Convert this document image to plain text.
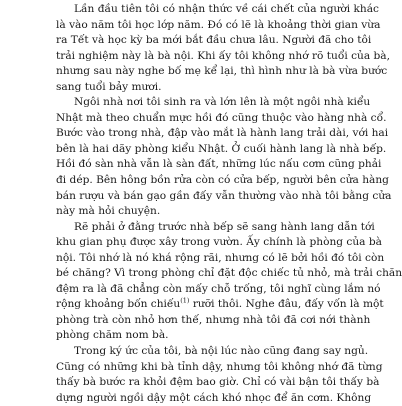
Lần đầu tiên tôi có nhận thức về cái chết của người khác
là vào năm tôi học lớp năm. Đó có lẽ là khoảng thời gian vừa
ra Tết và học kỳ ba mới bắt đầu chưa lâu. Người đã cho tôi
trải nghiệm này là bà nội. Khi ấy tôi không nhớ rõ tuổi của bà,
nhưng sau này nghe bố mẹ kể lại, thì hình như là bà vừa bước
sang tuổi bảy mươi.

Ngôi nhà nơi tôi sinh ra và lớn lên là một ngôi nhà kiểu
Nhật mà theo chuẩn mực hồi đó cũng thuộc vào hàng nhà cổ.
Bước vào trong nhà, đập vào mắt là hành lang trải dài, với hai
bên là hai dãy phòng kiểu Nhật. Ở cuối hành lang là nhà bếp.
Hồi đó sàn nhà vẫn là sàn đất, những lúc nấu cơm cũng phải
đi dép. Bên hông bồn rửa còn có cửa bếp, người bên cửa hàng
bán rượu và bán gạo gần đấy vẫn thường vào nhà tôi bằng cửa
này mà hỏi chuyện.

Rẽ phải ở đằng trước nhà bếp sẽ sang hành lang dẫn tới
khu gian phụ được xây trong vườn. Ấy chính là phòng của bà
nội. Tôi nhớ là nó khá rộng rãi, nhưng có lẽ bởi hồi đó tôi còn
bé chăng? Vì trong phòng chỉ đặt độc chiếc tủ nhỏ, mà trải chăn
đệm ra là đã chẳng còn mấy chỗ trống, tôi nghĩ cùng lắm nó
rộng khoảng bốn chiếu$^{(1)}$ rưỡi thôi. Nghe đâu, đấy vốn là một
phòng trà còn nhỏ hơn thế, nhưng nhà tôi đã cơi nới thành
phòng chăm nom bà.

Trong ký ức của tôi, bà nội lúc nào cũng đang say ngủ.
Cũng có những khi bà tỉnh dậy, nhưng tôi không nhớ đã từng
thấy bà bước ra khỏi đệm bao giờ. Chỉ có vài bận tôi thấy bà
dựng người ngồi dậy một cách khó nhọc để ăn cơm. Không
